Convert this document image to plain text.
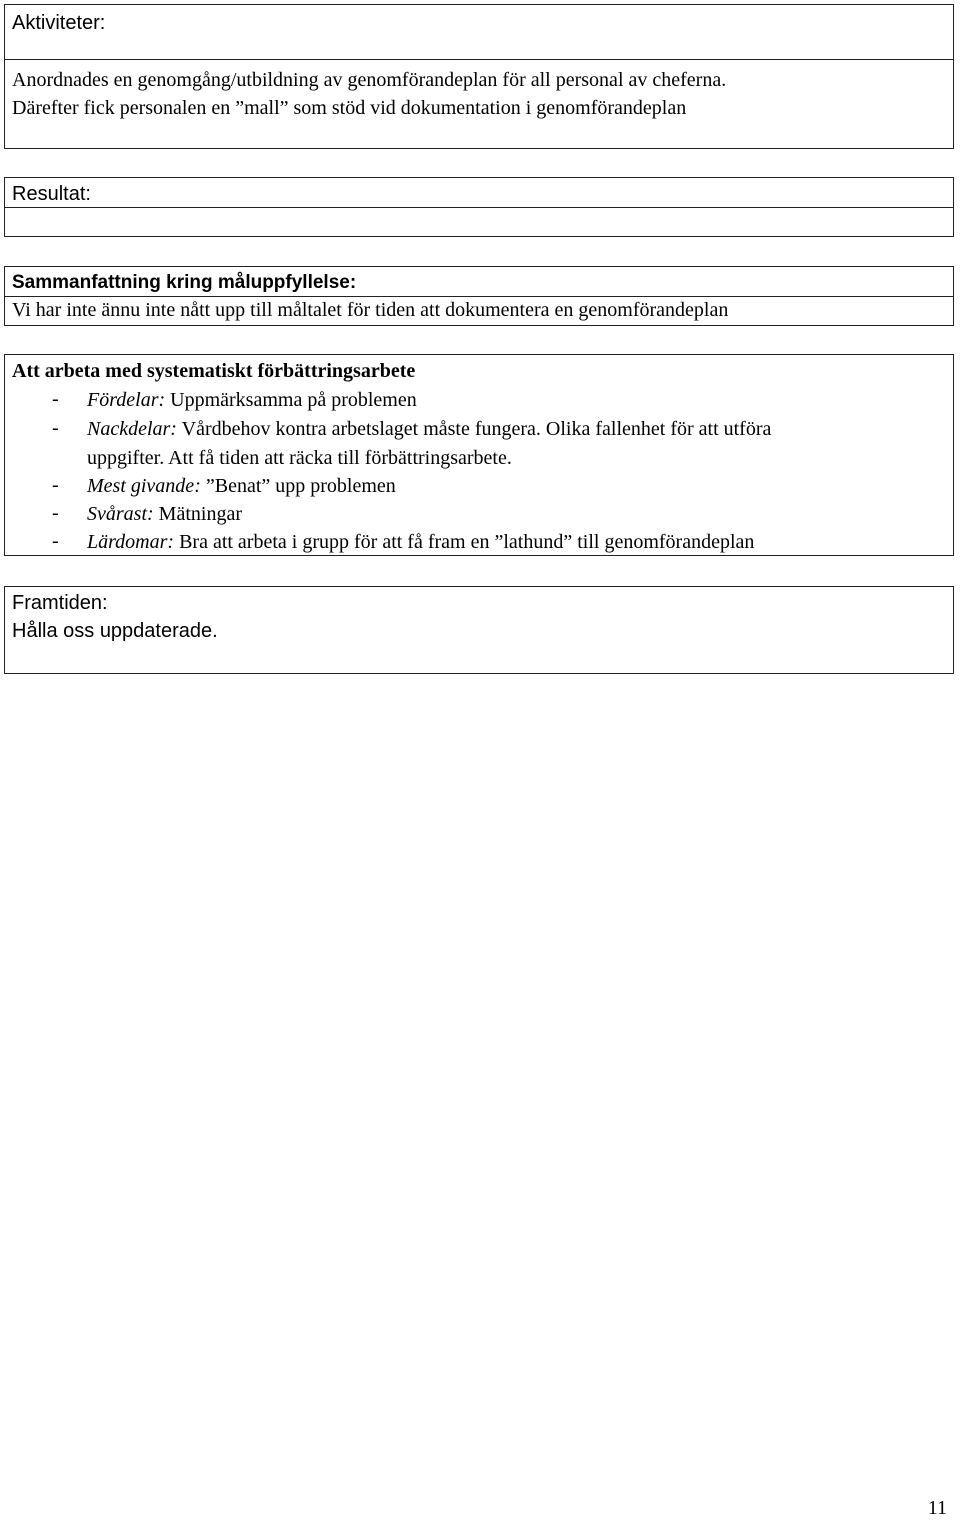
Aktiviteter:
Anordnades en genomgång/utbildning av genomförandeplan för all personal av cheferna.
Därefter fick personalen en ”mall” som stöd vid dokumentation i genomförandeplan
Resultat:
Sammanfattning kring måluppfyllelse:
Vi har inte ännu inte nått upp till måltalet för tiden att dokumentera en genomförandeplan
Att arbeta med systematiskt förbättringsarbete
- Fördelar: Uppmärksamma på problemen
- Nackdelar: Vårdbehov kontra arbetslaget måste fungera. Olika fallenhet för att utföra
uppgifter. Att få tiden att räcka till förbättringsarbete.
- Mest givande: ”Benat” upp problemen
- Svårast: Mätningar
- Lärdomar: Bra att arbeta i grupp för att få fram en ”lathund” till genomförandeplan
Framtiden:
Hålla oss uppdaterade.
11
